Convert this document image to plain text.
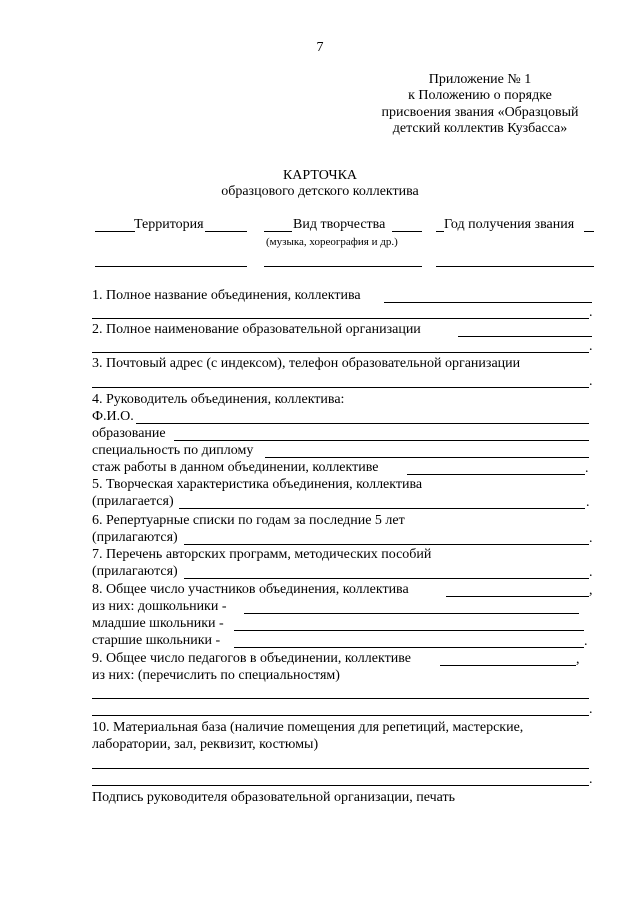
7
Приложение № 1
к Положению о порядке
присвоения звания «Образцовый
детский коллектив Кузбасса»
КАРТОЧКА
образцового детского коллектива
Территория	Вид творчества
(музыка, хореография и др.)
Год получения звания
1. Полное название объединения, коллектива
.
2. Полное наименование образовательной организации
.
3. Почтовый адрес (с индексом), телефон образовательной организации
.
4. Руководитель объединения, коллектива:
Ф.И.О.
образование
специальность по диплому
стаж работы в данном объединении, коллективе	.
5. Творческая характеристика объединения, коллектива
(прилагается)	.
6. Репертуарные списки по годам за последние 5 лет
(прилагаются)	.
7. Перечень авторских программ, методических пособий
(прилагаются)	.
8. Общее число участников объединения, коллектива	,
из них: дошкольники -
младшие школьники -
старшие школьники -	.
9. Общее число педагогов в объединении, коллективе	,
из них: (перечислить по специальностям)
.
10. Материальная база (наличие помещения для репетиций, мастерские,
лаборатории, зал, реквизит, костюмы)
.
Подпись руководителя образовательной организации, печать
